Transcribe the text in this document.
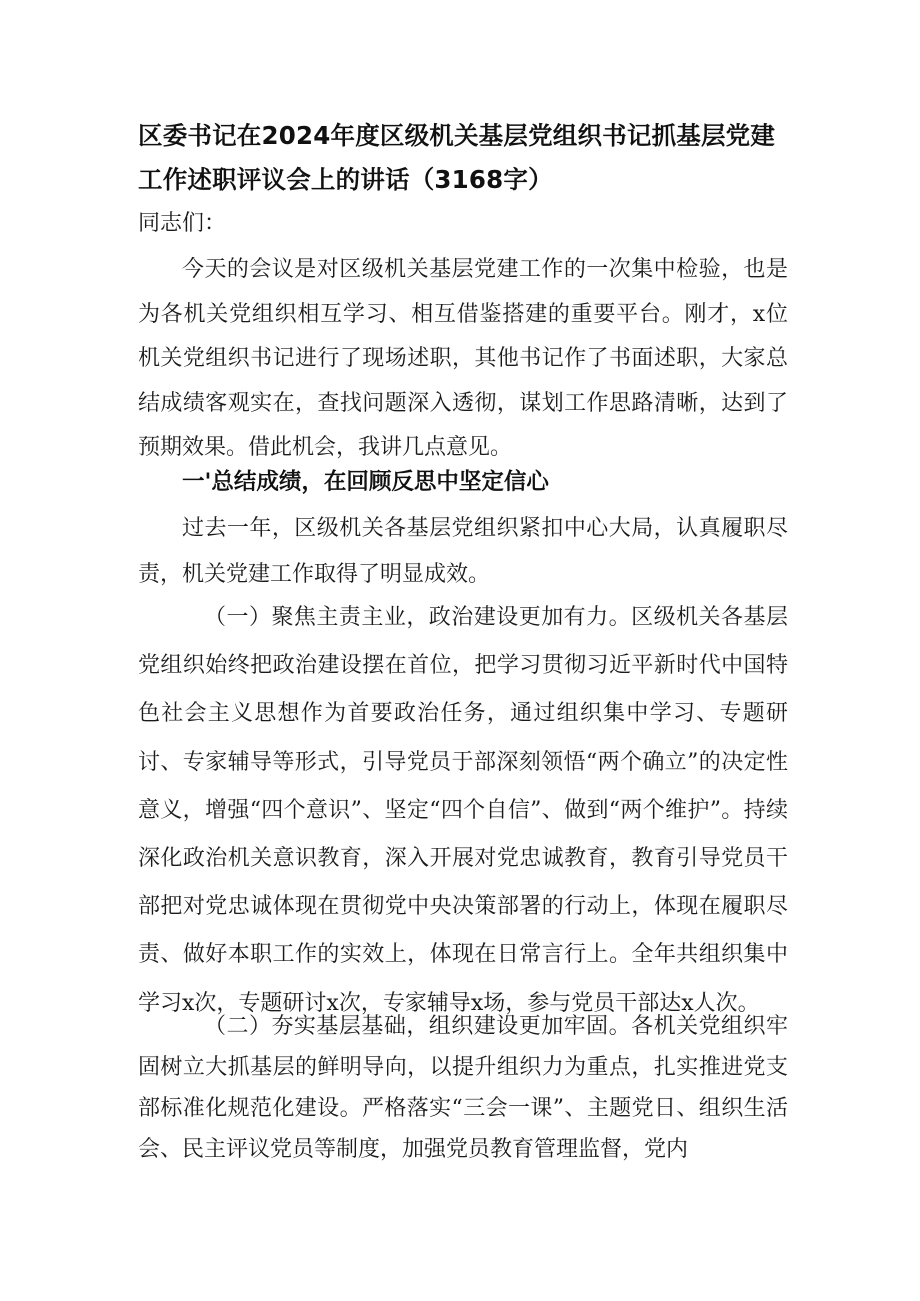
区委书记在2024年度区级机关基层党组织书记抓基层党建工作述职评议会上的讲话（3168字）
同志们：

今天的会议是对区级机关基层党建工作的一次集中检验，也是为各机关党组织相互学习、相互借鉴搭建的重要平台。刚才，x位机关党组织书记进行了现场述职，其他书记作了书面述职，大家总结成绩客观实在，查找问题深入透彻，谋划工作思路清晰，达到了预期效果。借此机会，我讲几点意见。

一'总结成绩，在回顾反思中坚定信心

过去一年，区级机关各基层党组织紧扣中心大局，认真履职尽责，机关党建工作取得了明显成效。

（一）聚焦主责主业，政治建设更加有力。区级机关各基层党组织始终把政治建设摆在首位，把学习贯彻习近平新时代中国特色社会主义思想作为首要政治任务，通过组织集中学习、专题研讨、专家辅导等形式，引导党员于部深刻领悟“两个确立”的决定性意义，增强“四个意识”、坚定“四个自信”、做到“两个维护”。持续深化政治机关意识教育，深入开展对党忠诚教育，教育引导党员干部把对党忠诚体现在贯彻党中央决策部署的行动上，体现在履职尽责、做好本职工作的实效上，体现在日常言行上。全年共组织集中学习x次，专题研讨x次，专家辅导x场，参与党员干部达x人次。

（二）夯实基层基础，组织建设更加牢固。各机关党组织牢固树立大抓基层的鲜明导向，以提升组织力为重点，扎实推进党支部标准化规范化建设。严格落实“三会一课”、主题党日、组织生活会、民主评议党员等制度，加强党员教育管理监督，党内
